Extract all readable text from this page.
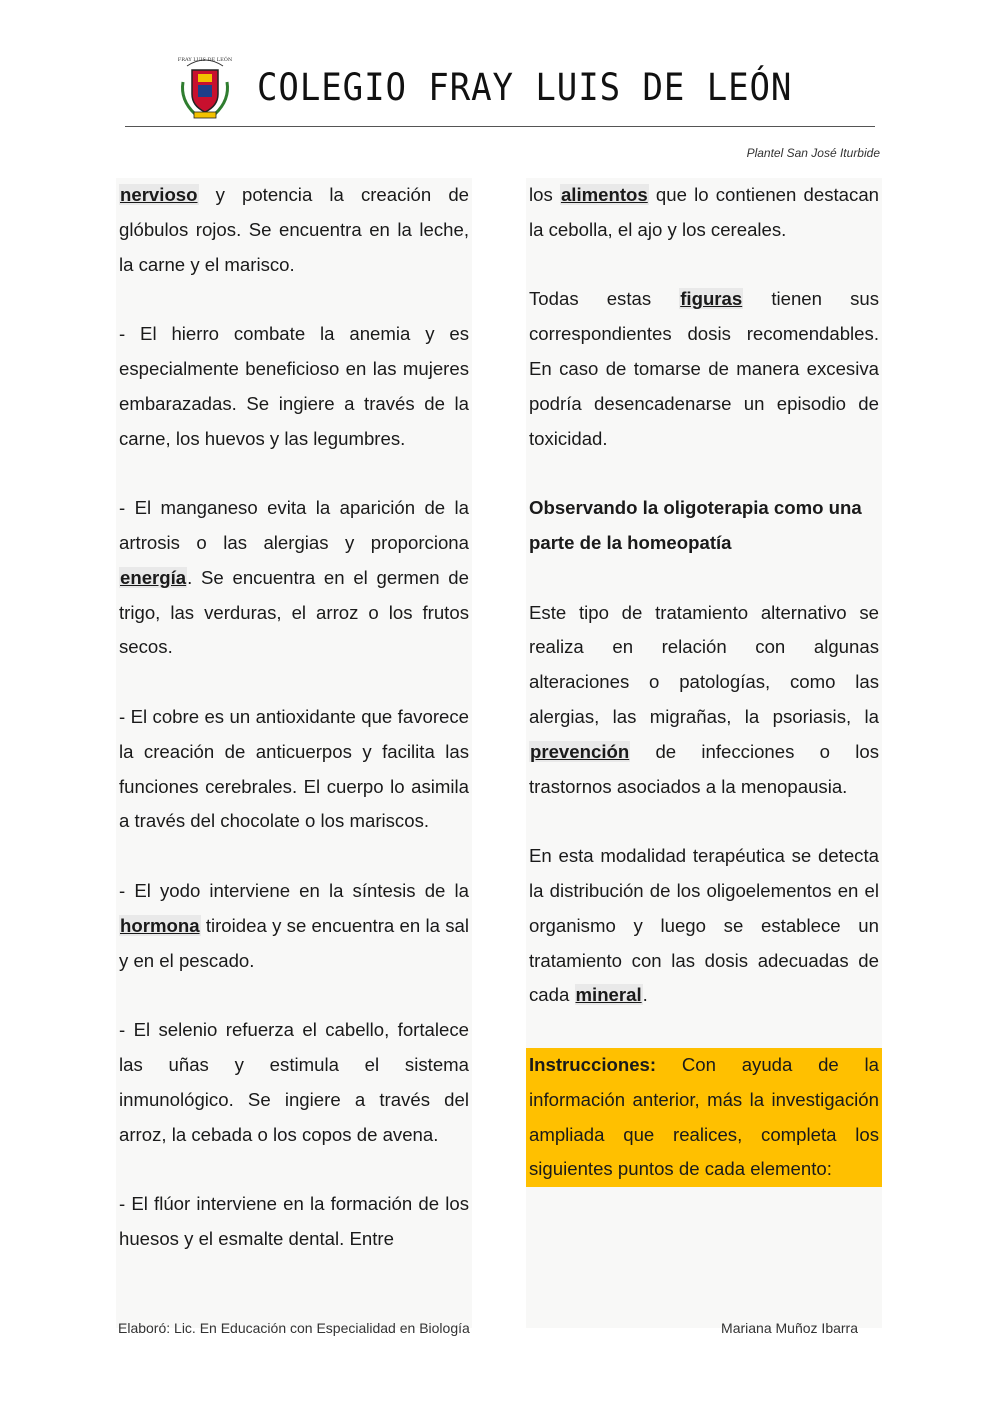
FRAY LUIS DE LEÓN
COLEGIO FRAY LUIS DE LEÓN
Plantel San José Iturbide

nervioso y potencia la creación de glóbulos rojos. Se encuentra en la leche, la carne y el marisco.

- El hierro combate la anemia y es especialmente beneficioso en las mujeres embarazadas. Se ingiere a través de la carne, los huevos y las legumbres.

- El manganeso evita la aparición de la artrosis o las alergias y proporciona energía. Se encuentra en el germen de trigo, las verduras, el arroz o los frutos secos.

- El cobre es un antioxidante que favorece la creación de anticuerpos y facilita las funciones cerebrales. El cuerpo lo asimila a través del chocolate o los mariscos.

- El yodo interviene en la síntesis de la hormona tiroidea y se encuentra en la sal y en el pescado.

- El selenio refuerza el cabello, fortalece las uñas y estimula el sistema inmunológico. Se ingiere a través del arroz, la cebada o los copos de avena.

- El flúor interviene en la formación de los huesos y el esmalte dental. Entre

los alimentos que lo contienen destacan la cebolla, el ajo y los cereales.

Todas estas figuras tienen sus correspondientes dosis recomendables. En caso de tomarse de manera excesiva podría desencadenarse un episodio de toxicidad.

Observando la oligoterapia como una parte de la homeopatía

Este tipo de tratamiento alternativo se realiza en relación con algunas alteraciones o patologías, como las alergias, las migrañas, la psoriasis, la prevención de infecciones o los trastornos asociados a la menopausia.

En esta modalidad terapéutica se detecta la distribución de los oligoelementos en el organismo y luego se establece un tratamiento con las dosis adecuadas de cada mineral.

Instrucciones: Con ayuda de la información anterior, más la investigación ampliada que realices, completa los siguientes puntos de cada elemento:

Elaboró: Lic. En Educación con Especialidad en Biología	Mariana Muñoz Ibarra
